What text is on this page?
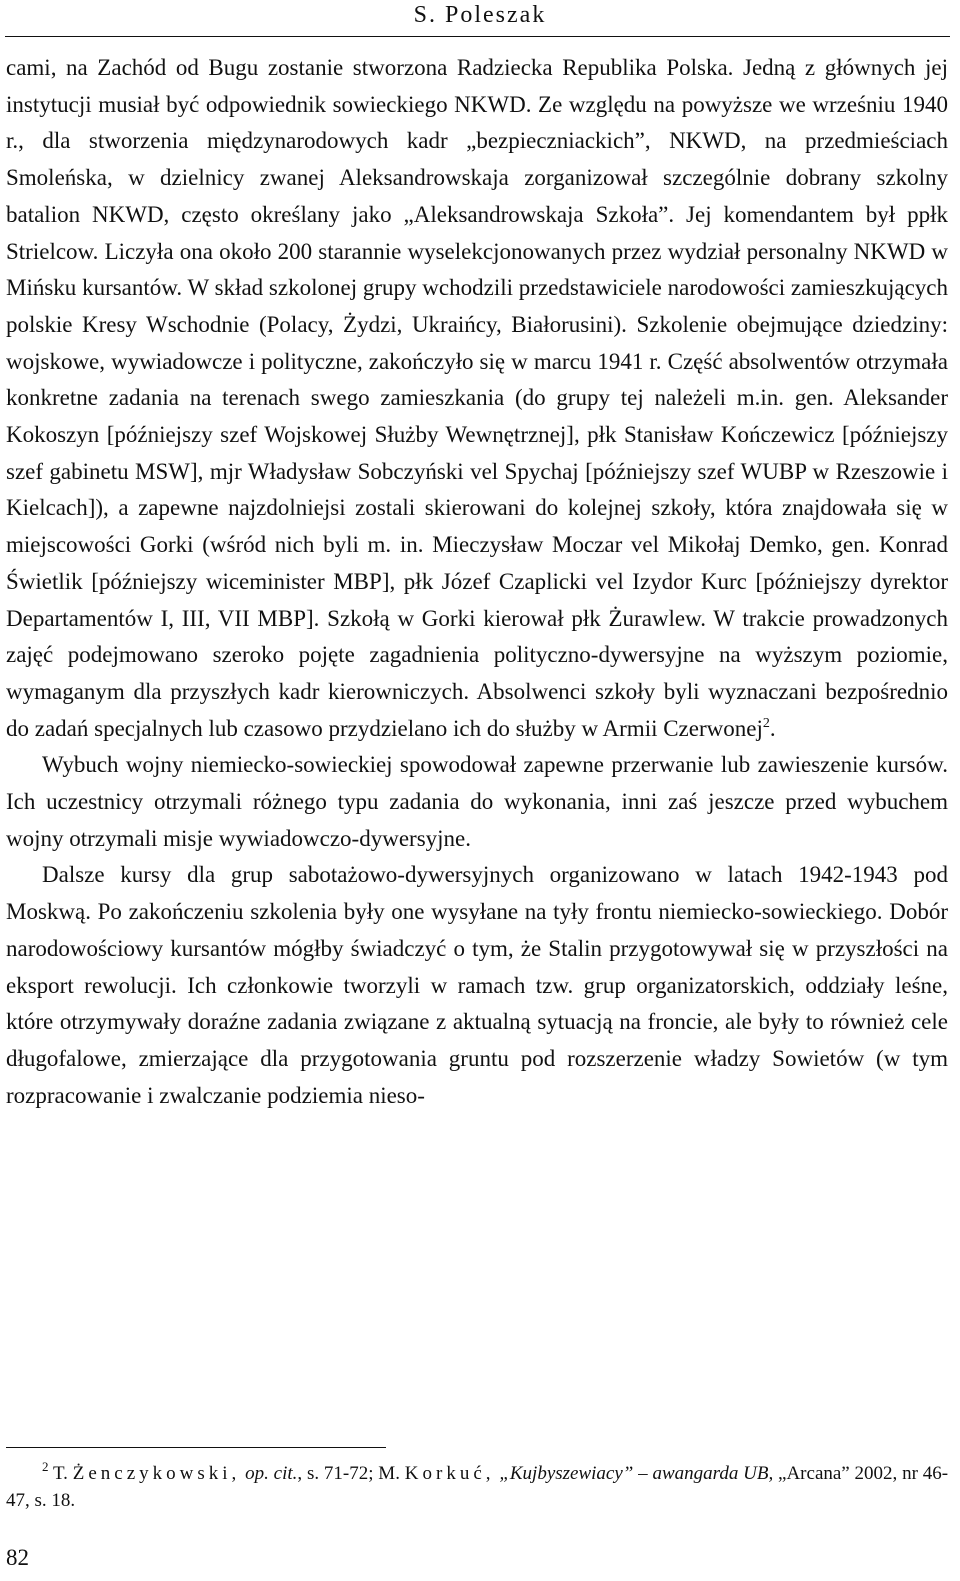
S. Poleszak

cami, na Zachód od Bugu zostanie stworzona Radziecka Republika Polska. Jedną z głównych jej instytucji musiał być odpowiednik sowieckiego NKWD. Ze względu na powyższe we wrześniu 1940 r., dla stworzenia międzynarodowych kadr „bezpieczniackich”, NKWD, na przedmieściach Smoleńska, w dzielnicy zwanej Aleksandrowskaja zorganizował szczególnie dobrany szkolny batalion NKWD, często określany jako „Aleksandrowskaja Szkoła”. Jej komendantem był ppłk Strielcow. Liczyła ona około 200 starannie wyselekcjonowanych przez wydział personalny NKWD w Mińsku kursantów. W skład szkolonej grupy wchodzili przedstawiciele narodowości zamieszkujących polskie Kresy Wschodnie (Polacy, Żydzi, Ukraińcy, Białorusini). Szkolenie obejmujące dziedziny: wojskowe, wywiadowcze i polityczne, zakończyło się w marcu 1941 r. Część absolwentów otrzymała konkretne zadania na terenach swego zamieszkania (do grupy tej należeli m.in. gen. Aleksander Kokoszyn [późniejszy szef Wojskowej Służby Wewnętrznej], płk Stanisław Kończewicz [późniejszy szef gabinetu MSW], mjr Władysław Sobczyński vel Spychaj [późniejszy szef WUBP w Rzeszowie i Kielcach]), a zapewne najzdolniejsi zostali skierowani do kolejnej szkoły, która znajdowała się w miejscowości Gorki (wśród nich byli m. in. Mieczysław Moczar vel Mikołaj Demko, gen. Konrad Świetlik [późniejszy wiceminister MBP], płk Józef Czaplicki vel Izydor Kurc [późniejszy dyrektor Departamentów I, III, VII MBP]. Szkołą w Gorki kierował płk Żurawlew. W trakcie prowadzonych zajęć podejmowano szeroko pojęte zagadnienia polityczno-dywersyjne na wyższym poziomie, wymaganym dla przyszłych kadr kierowniczych. Absolwenci szkoły byli wyznaczani bezpośrednio do zadań specjalnych lub czasowo przydzielano ich do służby w Armii Czerwonej$^2$.

Wybuch wojny niemiecko-sowieckiej spowodował zapewne przerwanie lub zawieszenie kursów. Ich uczestnicy otrzymali różnego typu zadania do wykonania, inni zaś jeszcze przed wybuchem wojny otrzymali misje wywiadowczo-dywersyjne.

Dalsze kursy dla grup sabotażowo-dywersyjnych organizowano w latach 1942-1943 pod Moskwą. Po zakończeniu szkolenia były one wysyłane na tyły frontu niemiecko-sowieckiego. Dobór narodowościowy kursantów mógłby świadczyć o tym, że Stalin przygotowywał się w przyszłości na eksport rewolucji. Ich członkowie tworzyli w ramach tzw. grup organizatorskich, oddziały leśne, które otrzymywały doraźne zadania związane z aktualną sytuacją na froncie, ale były to również cele długofalowe, zmierzające dla przygotowania gruntu pod rozszerzenie władzy Sowietów (w tym rozpracowanie i zwalczanie podziemia nieso-

$^2$ T. Żenczykowski, op. cit., s. 71-72; M. Korkuć, „Kujbyszewiacy” – awangarda UB, „Arcana” 2002, nr 46-47, s. 18.

82
